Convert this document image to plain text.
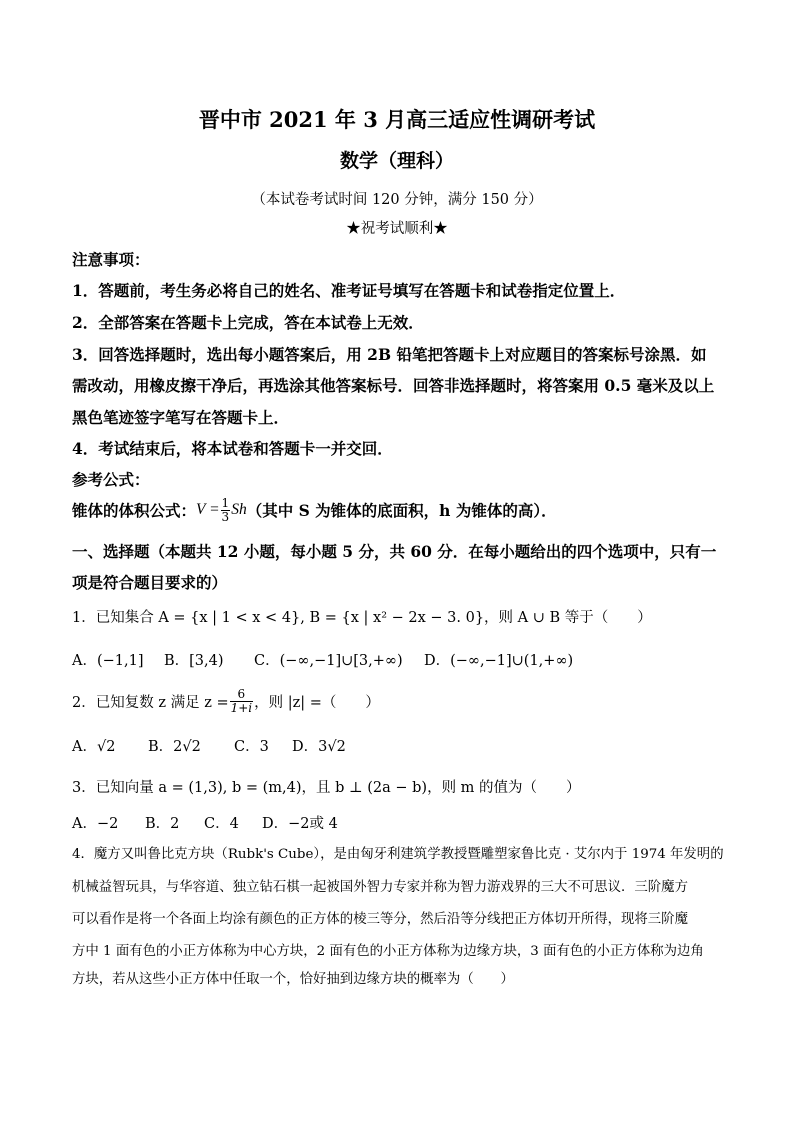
晋中市 2021 年 3 月高三适应性调研考试
数学（理科）
（本试卷考试时间 120 分钟，满分 150 分）
★祝考试顺利★
注意事项：
1．答题前，考生务必将自己的姓名、准考证号填写在答题卡和试卷指定位置上．
2．全部答案在答题卡上完成，答在本试卷上无效．
3．回答选择题时，选出每小题答案后，用 2B 铅笔把答题卡上对应题目的答案标号涂黑．如
需改动，用橡皮擦干净后，再选涂其他答案标号．回答非选择题时，将答案用 0.5 毫米及以上
黑色笔迹签字笔写在答题卡上．
4．考试结束后，将本试卷和答题卡一并交回．
参考公式：
锥体的体积公式： $V = \frac{1}{3}$ Sh （其中 S 为锥体的底面积，h 为锥体的高）．
一、选择题（本题共 12 小题，每小题 5 分，共 60 分．在每小题给出的四个选项中，只有一
项是符合题目要求的）
1．已知集合 A = {x | 1 < x < 4}, B = {x | x² − 2x − 3. 0}，则 A ∪ B 等于（　　）
A．(−1,1] B．[3,4) C．(−∞,−1]∪[3,+∞) D．(−∞,−1]∪(1,+∞)
2．已知复数 z 满足 $z = \frac{6}{1+i}$ ，则 |z| =（　　）
A．√2 B．2√2 C．3 D．3√2
3．已知向量 a = (1,3), b = (m,4)，且 b ⊥ (2a − b)，则 m 的值为（　　）
A．−2 B．2 C．4 D．−2或 4
4．魔方又叫鲁比克方块（Rubk's Cube），是由匈牙利建筑学教授暨雕塑家鲁比克 · 艾尔内于 1974 年发明的
机械益智玩具，与华容道、独立钻石棋一起被国外智力专家并称为智力游戏界的三大不可思议．三阶魔方
可以看作是将一个各面上均涂有颜色的正方体的棱三等分，然后沿等分线把正方体切开所得，现将三阶魔
方中 1 面有色的小正方体称为中心方块，2 面有色的小正方体称为边缘方块，3 面有色的小正方体称为边角
方块，若从这些小正方体中任取一个，恰好抽到边缘方块的概率为（　　）
